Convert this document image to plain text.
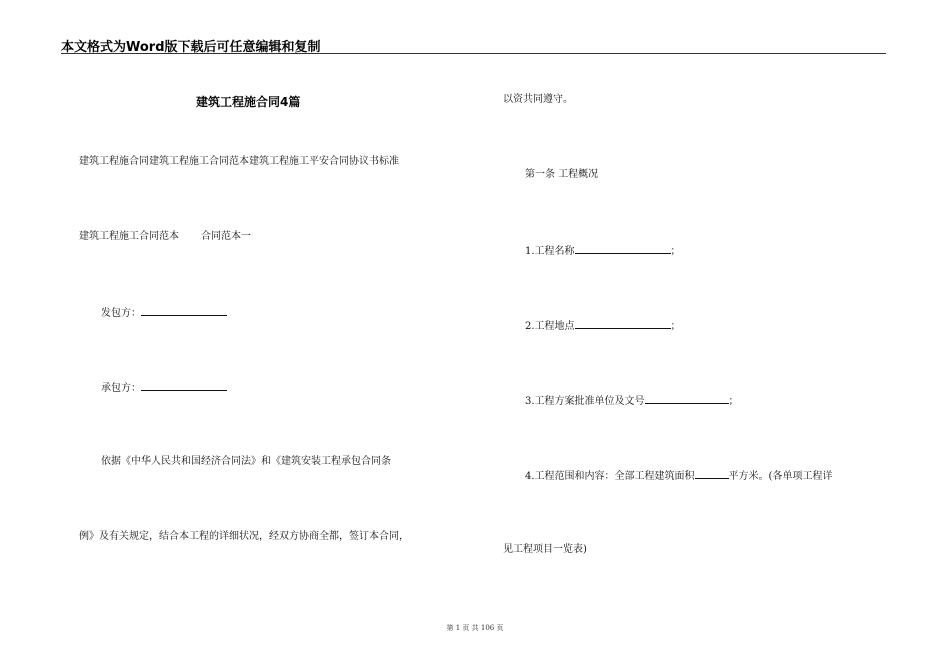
本文格式为Word版下载后可任意编辑和复制
建筑工程施合同4篇
建筑工程施合同建筑工程施工合同范本建筑工程施工平安合同协议书标准
建筑工程施工合同范本 合同范本一
发包方：
承包方：
依据《中华人民共和国经济合同法》和《建筑安装工程承包合同条
例》及有关规定，结合本工程的详细状况，经双方协商全都，签订本合同，
以资共同遵守。
第一条 工程概况
1.工程名称	；
2.工程地点	；
3.工程方案批准单位及文号	；
4.工程范围和内容：全部工程建筑面积	平方米。(各单项工程详
见工程项目一览表)
第 1 页 共 106 页
